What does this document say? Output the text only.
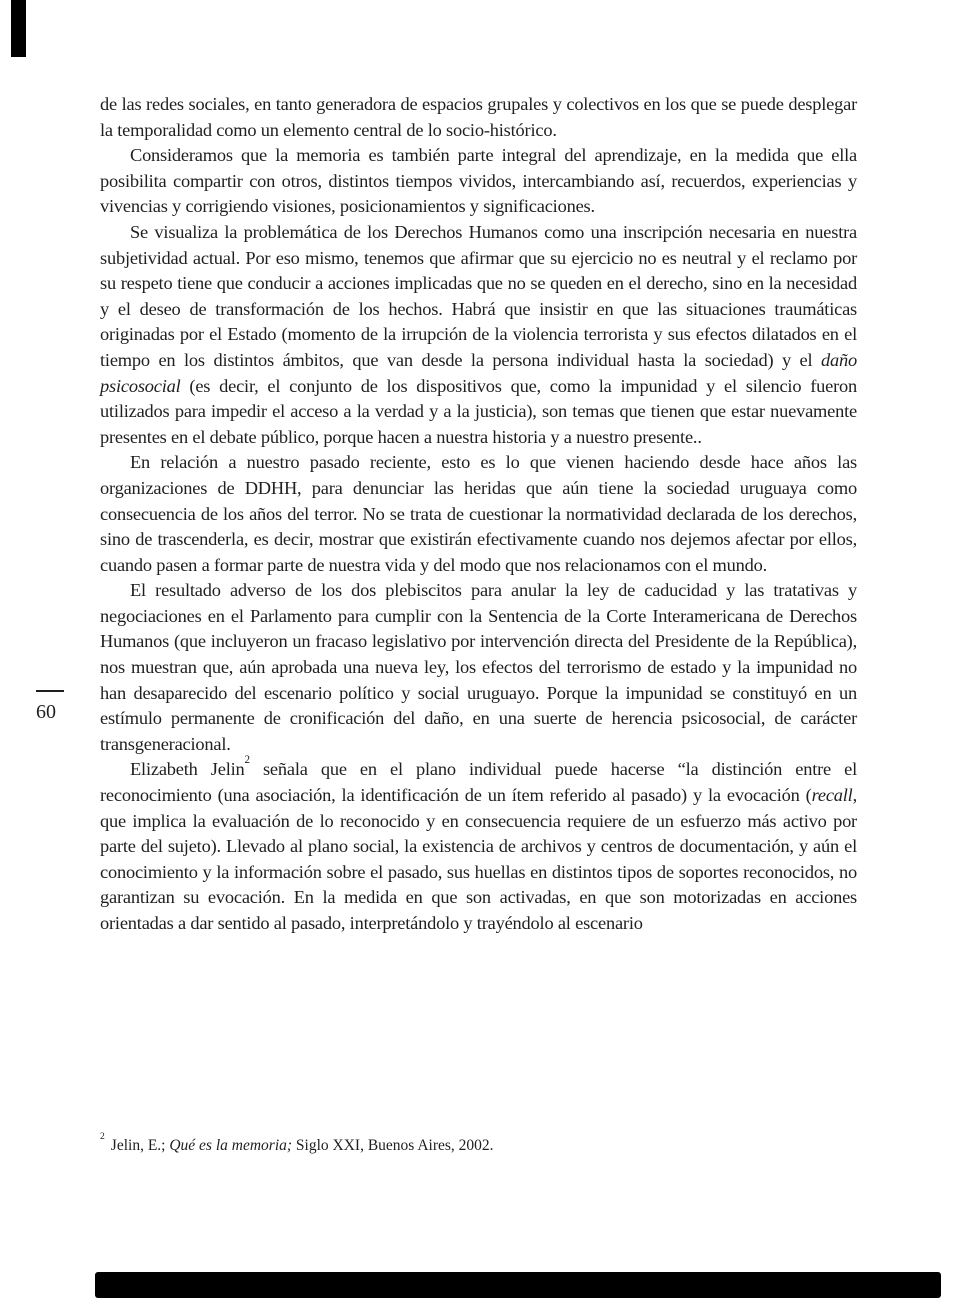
60

de las redes sociales, en tanto generadora de espacios grupales y colectivos en los que se puede desplegar la temporalidad como un elemento central de lo socio-histórico.

Consideramos que la memoria es también parte integral del aprendizaje, en la medida que ella posibilita compartir con otros, distintos tiempos vividos, intercambiando así, recuerdos, experiencias y vivencias y corrigiendo visiones, posicionamientos y significaciones.

Se visualiza la problemática de los Derechos Humanos como una inscripción necesaria en nuestra subjetividad actual. Por eso mismo, tenemos que afirmar que su ejercicio no es neutral y el reclamo por su respeto tiene que conducir a acciones implicadas que no se queden en el derecho, sino en la necesidad y el deseo de transformación de los hechos. Habrá que insistir en que las situaciones traumáticas originadas por el Estado (momento de la irrupción de la violencia terrorista y sus efectos dilatados en el tiempo en los distintos ámbitos, que van desde la persona individual hasta la sociedad) y el daño psicosocial (es decir, el conjunto de los dispositivos que, como la impunidad y el silencio fueron utilizados para impedir el acceso a la verdad y a la justicia), son temas que tienen que estar nuevamente presentes en el debate público, porque hacen a nuestra historia y a nuestro presente..

En relación a nuestro pasado reciente, esto es lo que vienen haciendo desde hace años las organizaciones de DDHH, para denunciar las heridas que aún tiene la sociedad uruguaya como consecuencia de los años del terror. No se trata de cuestionar la normatividad declarada de los derechos, sino de trascenderla, es decir, mostrar que existirán efectivamente cuando nos dejemos afectar por ellos, cuando pasen a formar parte de nuestra vida y del modo que nos relacionamos con el mundo.

El resultado adverso de los dos plebiscitos para anular la ley de caducidad y las tratativas y negociaciones en el Parlamento para cumplir con la Sentencia de la Corte Interamericana de Derechos Humanos (que incluyeron un fracaso legislativo por intervención directa del Presidente de la República), nos muestran que, aún aprobada una nueva ley, los efectos del terrorismo de estado y la impunidad no han desaparecido del escenario político y social uruguayo. Porque la impunidad se constituyó en un estímulo permanente de cronificación del daño, en una suerte de herencia psicosocial, de carácter transgeneracional.

Elizabeth Jelin$^2$ señala que en el plano individual puede hacerse “la distinción entre el reconocimiento (una asociación, la identificación de un ítem referido al pasado) y la evocación (recall, que implica la evaluación de lo reconocido y en consecuencia requiere de un esfuerzo más activo por parte del sujeto). Llevado al plano social, la existencia de archivos y centros de documentación, y aún el conocimiento y la información sobre el pasado, sus huellas en distintos tipos de soportes reconocidos, no garantizan su evocación. En la medida en que son activadas, en que son motorizadas en acciones orientadas a dar sentido al pasado, interpretándolo y trayéndolo al escenario

$^2$Jelin, E.; Qué es la memoria; Siglo XXI, Buenos Aires, 2002.
